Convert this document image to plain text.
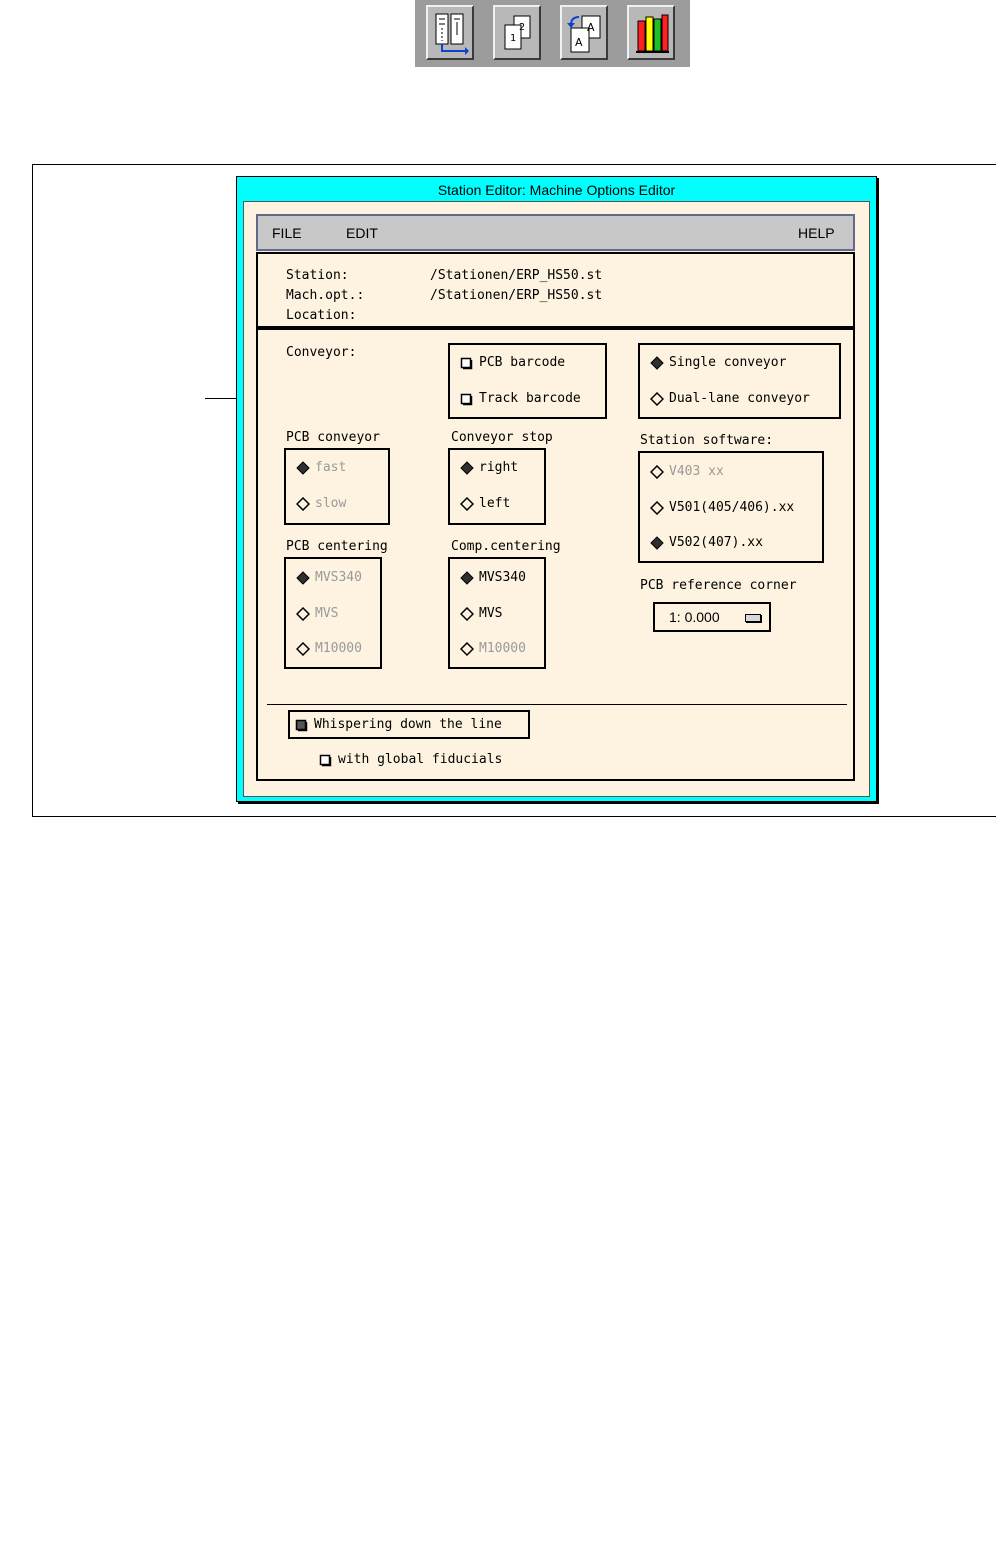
2
1
A
A
Station Editor: Machine Options Editor
FILE	EDIT	HELP
Station:	/Stationen/ERP_HS50.st
Mach.opt.:	/Stationen/ERP_HS50.st
Location:
Conveyor:
PCB barcode
Track barcode
Single conveyor
Dual-lane conveyor
PCB conveyor
fast
slow
Conveyor stop
right
left
Station software:
V403 xx
V501(405/406).xx
V502(407).xx
PCB centering
MVS340
MVS
M10000
Comp.centering
MVS340
MVS
M10000
PCB reference corner
1: 0.000
Whispering down the line
with global fiducials
